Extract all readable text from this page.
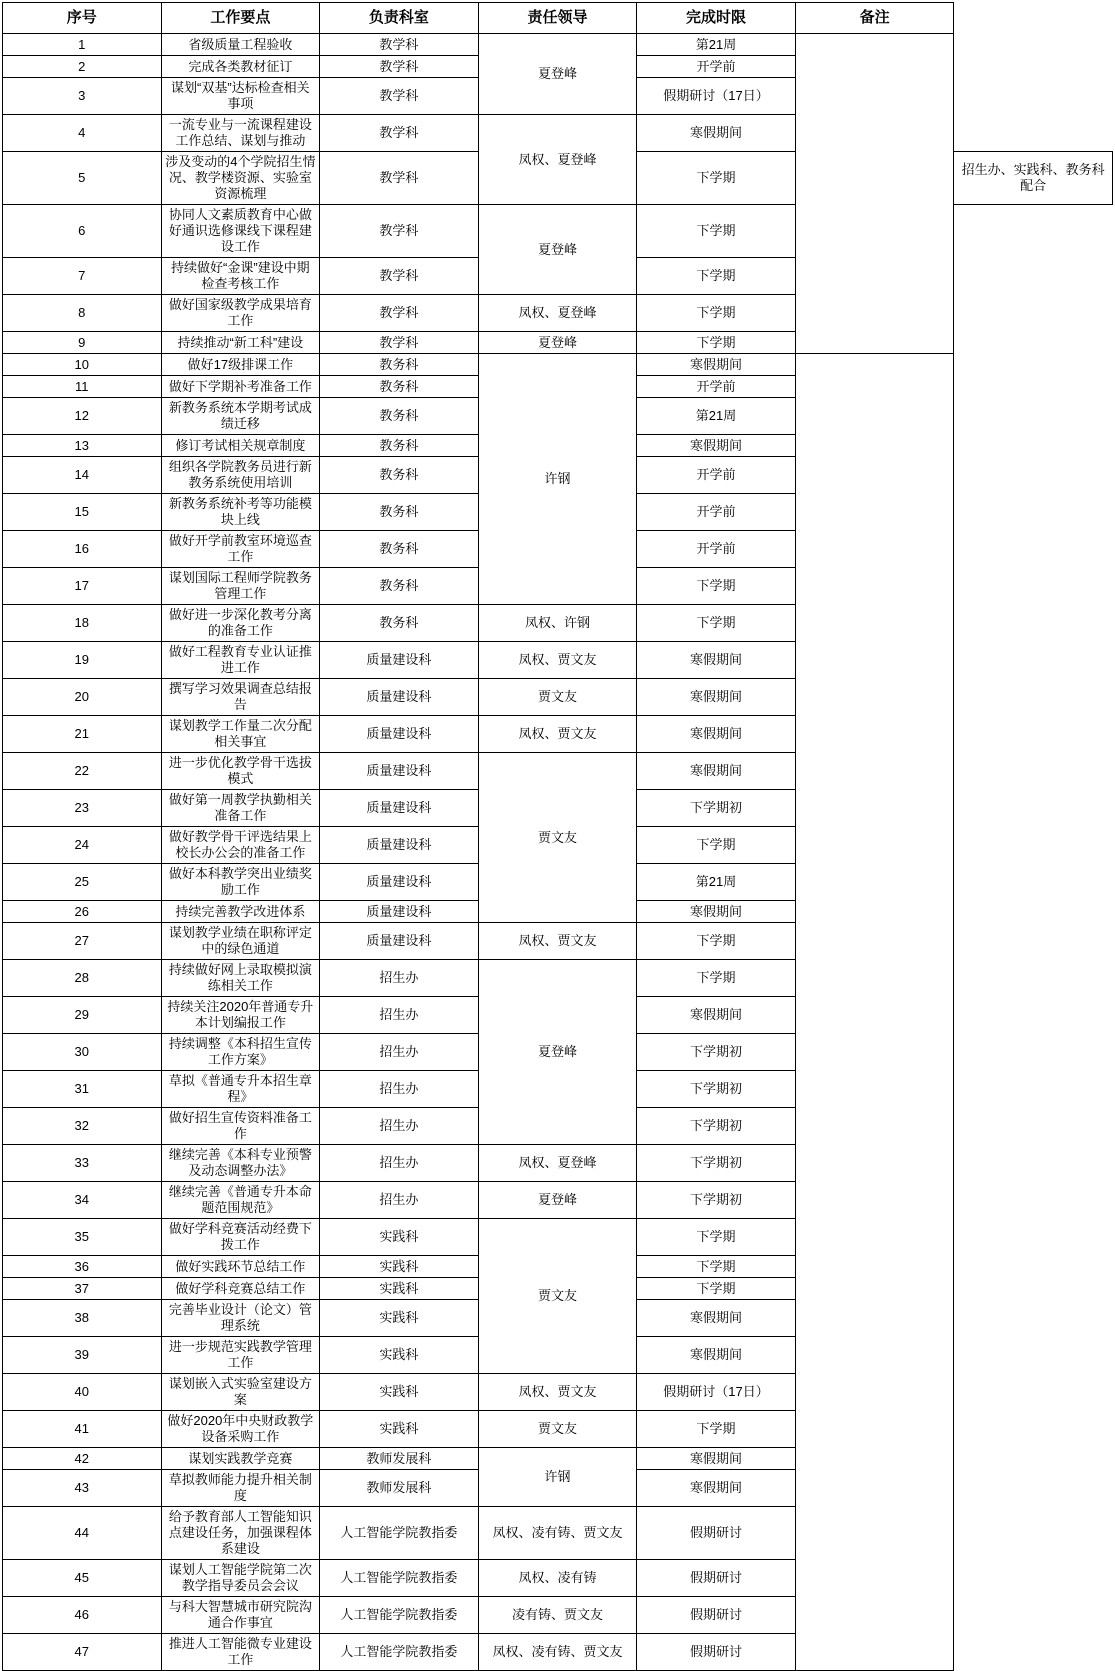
序号	工作要点	负责科室	责任领导	完成时限	备注	
1	省级质量工程验收	教学科	夏登峰	第21周		
2	完成各类教材征订	教学科		开学前		
3	谋划“双基”达标检查相关事项	教学科		假期研讨（17日）		
4	一流专业与一流课程建设工作总结、谋划与推动	教学科	凤权、夏登峰	寒假期间		
5	涉及变动的4个学院招生情况、教学楼资源、实验室资源梳理	教学科		下学期		招生办、实践科、教务科配合
6	协同人文素质教育中心做好通识选修课线下课程建设工作	教学科	夏登峰	下学期		
7	持续做好“金课”建设中期检查考核工作	教学科		下学期		
8	做好国家级教学成果培育工作	教学科	凤权、夏登峰	下学期		
9	持续推动“新工科”建设	教学科	夏登峰	下学期		
10	做好17级排课工作	教务科	许钢	寒假期间		
11	做好下学期补考准备工作	教务科		开学前		
12	新教务系统本学期考试成绩迁移	教务科		第21周		
13	修订考试相关规章制度	教务科		寒假期间		
14	组织各学院教务员进行新教务系统使用培训	教务科		开学前		
15	新教务系统补考等功能模块上线	教务科		开学前		
16	做好开学前教室环境巡查工作	教务科		开学前		
17	谋划国际工程师学院教务管理工作	教务科		下学期		
18	做好进一步深化教考分离的准备工作	教务科	凤权、许钢	下学期		
19	做好工程教育专业认证推进工作	质量建设科	凤权、贾文友	寒假期间		
20	撰写学习效果调查总结报告	质量建设科	贾文友	寒假期间		
21	谋划教学工作量二次分配相关事宜	质量建设科	凤权、贾文友	寒假期间		
22	进一步优化教学骨干选拔模式	质量建设科	贾文友	寒假期间		
23	做好第一周教学执勤相关准备工作	质量建设科		下学期初		
24	做好教学骨干评选结果上校长办公会的准备工作	质量建设科		下学期		
25	做好本科教学突出业绩奖励工作	质量建设科		第21周		
26	持续完善教学改进体系	质量建设科		寒假期间		
27	谋划教学业绩在职称评定中的绿色通道	质量建设科	凤权、贾文友	下学期		
28	持续做好网上录取模拟演练相关工作	招生办	夏登峰	下学期		
29	持续关注2020年普通专升本计划编报工作	招生办		寒假期间		
30	持续调整《本科招生宣传工作方案》	招生办		下学期初		
31	草拟《普通专升本招生章程》	招生办		下学期初		
32	做好招生宣传资料准备工作	招生办		下学期初		
33	继续完善《本科专业预警及动态调整办法》	招生办	凤权、夏登峰	下学期初		
34	继续完善《普通专升本命题范围规范》	招生办	夏登峰	下学期初		
35	做好学科竞赛活动经费下拨工作	实践科	贾文友	下学期		
36	做好实践环节总结工作	实践科		下学期		
37	做好学科竞赛总结工作	实践科		下学期		
38	完善毕业设计（论文）管理系统	实践科		寒假期间		
39	进一步规范实践教学管理工作	实践科		寒假期间		
40	谋划嵌入式实验室建设方案	实践科	凤权、贾文友	假期研讨（17日）		
41	做好2020年中央财政教学设备采购工作	实践科	贾文友	下学期		
42	谋划实践教学竞赛	教师发展科	许钢	寒假期间		
43	草拟教师能力提升相关制度	教师发展科		寒假期间		
44	给予教育部人工智能知识点建设任务，加强课程体系建设	人工智能学院教指委	凤权、凌有铸、贾文友	假期研讨		
45	谋划人工智能学院第二次教学指导委员会会议	人工智能学院教指委	凤权、凌有铸	假期研讨		
46	与科大智慧城市研究院沟通合作事宜	人工智能学院教指委	凌有铸、贾文友	假期研讨		
47	推进人工智能微专业建设工作	人工智能学院教指委	凤权、凌有铸、贾文友	假期研讨		
